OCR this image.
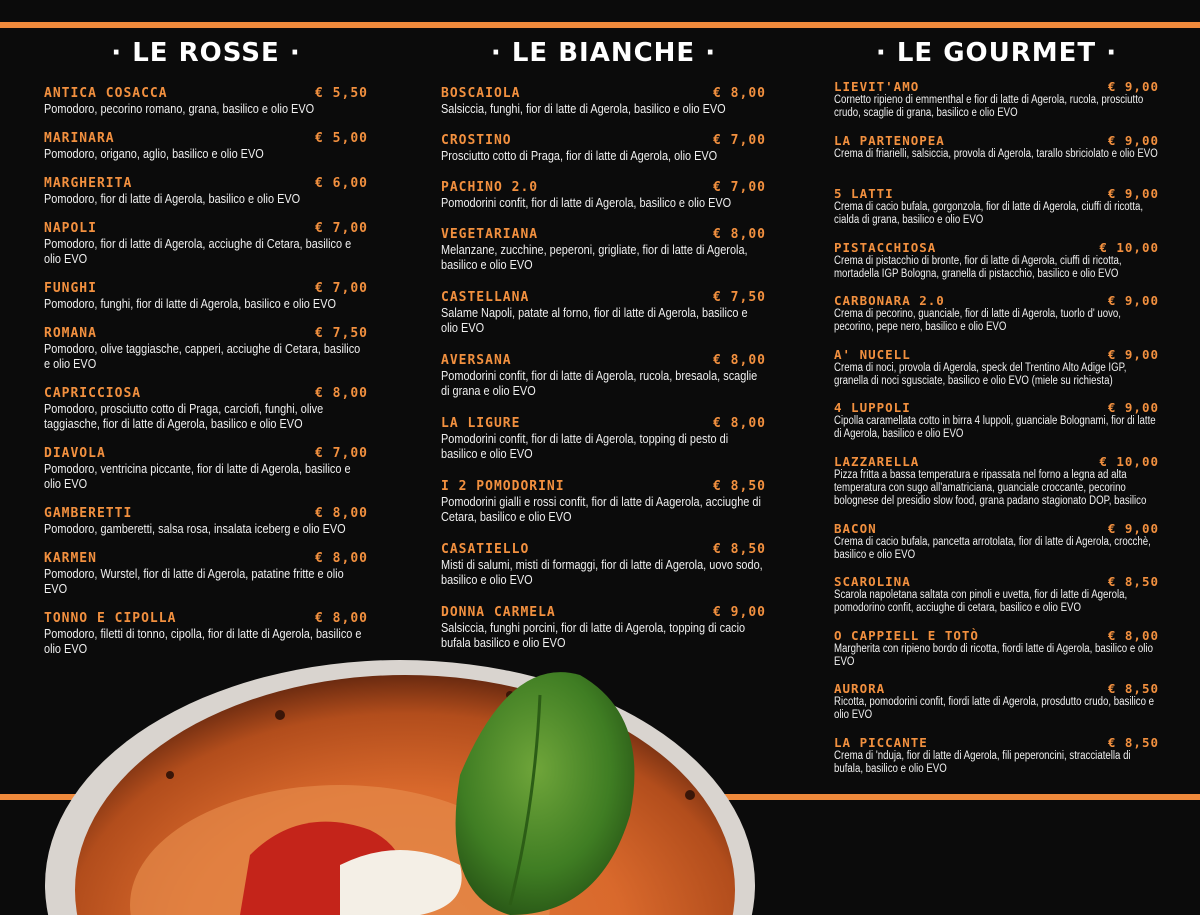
· LE ROSSE ·
ANTICA COSACCA	€ 5,50
Pomodoro, pecorino romano, grana, basilico e olio EVO
MARINARA	€ 5,00
Pomodoro, origano, aglio, basilico e olio EVO
MARGHERITA	€ 6,00
Pomodoro, fior di latte di Agerola, basilico e olio EVO
NAPOLI	€ 7,00
Pomodoro, fior di latte di Agerola, acciughe di Cetara, basilico e olio EVO
FUNGHI	€ 7,00
Pomodoro, funghi, fior di latte di Agerola, basilico e olio EVO
ROMANA	€ 7,50
Pomodoro, olive taggiasche, capperi, acciughe di Cetara, basilico e olio EVO
CAPRICCIOSA	€ 8,00
Pomodoro, prosciutto cotto di Praga, carciofi, funghi, olive taggiasche, fior di latte di Agerola, basilico e olio EVO
DIAVOLA	€ 7,00
Pomodoro, ventricina piccante, fior di latte di Agerola, basilico e olio EVO
GAMBERETTI	€ 8,00
Pomodoro, gamberetti, salsa rosa, insalata iceberg e olio EVO
KARMEN	€ 8,00
Pomodoro, Wurstel, fior di latte di Agerola, patatine fritte e olio EVO
TONNO E CIPOLLA	€ 8,00
Pomodoro, filetti di tonno, cipolla, fior di latte di Agerola, basilico e olio EVO
· LE BIANCHE ·
BOSCAIOLA	€ 8,00
Salsiccia, funghi, fior di latte di Agerola, basilico e olio EVO
CROSTINO	€ 7,00
Prosciutto cotto di Praga, fior di latte di Agerola, olio EVO
PACHINO 2.0	€ 7,00
Pomodorini confit, fior di latte di Agerola, basilico e olio EVO
VEGETARIANA	€ 8,00
Melanzane, zucchine, peperoni, grigliate, fior di latte di Agerola, basilico e olio EVO
CASTELLANA	€ 7,50
Salame Napoli, patate al forno, fior di latte di Agerola, basilico e olio EVO
AVERSANA	€ 8,00
Pomodorini confit, fior di latte di Agerola, rucola, bresaola, scaglie di grana e olio EVO
LA LIGURE	€ 8,00
Pomodorini confit, fior di latte di Agerola, topping di pesto di basilico e olio EVO
I 2 POMODORINI	€ 8,50
Pomodorini gialli e rossi confit, fior di latte di Aagerola, acciughe di Cetara, basilico e olio EVO
CASATIELLO	€ 8,50
Misti di salumi, misti di formaggi, fior di latte di Agerola, uovo sodo, basilico e olio EVO
DONNA CARMELA	€ 9,00
Salsiccia, funghi porcini, fior di latte di Agerola, topping di cacio bufala basilico e olio EVO
· LE GOURMET ·
LIEVIT'AMO	€ 9,00
Cornetto ripieno di emmenthal e fior di latte di Agerola, rucola, prosciutto crudo, scaglie di grana, basilico e olio EVO
LA PARTENOPEA	€ 9,00
Crema di friarielli, salsiccia, provola di Agerola, tarallo sbriciolato e olio EVO
5 LATTI	€ 9,00
Crema di cacio bufala, gorgonzola, fior di latte di Agerola, ciuffi di ricotta, cialda di grana, basilico e olio EVO
PISTACCHIOSA	€ 10,00
Crema di pistacchio di bronte, fior di latte di Agerola, ciuffi di ricotta, mortadella IGP Bologna, granella di pistacchio, basilico e olio EVO
CARBONARA 2.0	€ 9,00
Crema di pecorino, guanciale, fior di latte di Agerola, tuorlo d' uovo, pecorino, pepe nero, basilico e olio EVO
A' NUCELL	€ 9,00
Crema di noci, provola di Agerola, speck del Trentino Alto Adige IGP, granella di noci sgusciate, basilico e olio EVO (miele su richiesta)
4 LUPPOLI	€ 9,00
Cipolla caramellata cotto in birra 4 luppoli, guanciale Bolognami, fior di latte di Agerola, basilico e olio EVO
LAZZARELLA	€ 10,00
Pizza fritta a bassa temperatura e ripassata nel forno a legna ad alta temperatura con sugo all'amatriciana, guanciale croccante, pecorino bolognese del presidio slow food, grana padano stagionato DOP, basilico
BACON	€ 9,00
Crema di cacio bufala, pancetta arrotolata, fior di latte di Agerola, crocchè, basilico e olio EVO
SCAROLINA	€ 8,50
Scarola napoletana saltata con pinoli e uvetta, fior di latte di Agerola, pomodorino confit, acciughe di cetara, basilico e olio EVO
O CAPPIELL E TOTÒ	€ 8,00
Margherita con ripieno bordo di ricotta, fiordi latte di Agerola, basilico e olio EVO
AURORA	€ 8,50
Ricotta, pomodorini confit, fiordi latte di Agerola, prosdutto crudo, basilico e olio EVO
LA PICCANTE	€ 8,50
Crema di 'nduja, fior di latte di Agerola, fili peperoncini, stracciatella di bufala, basilico e olio EVO
